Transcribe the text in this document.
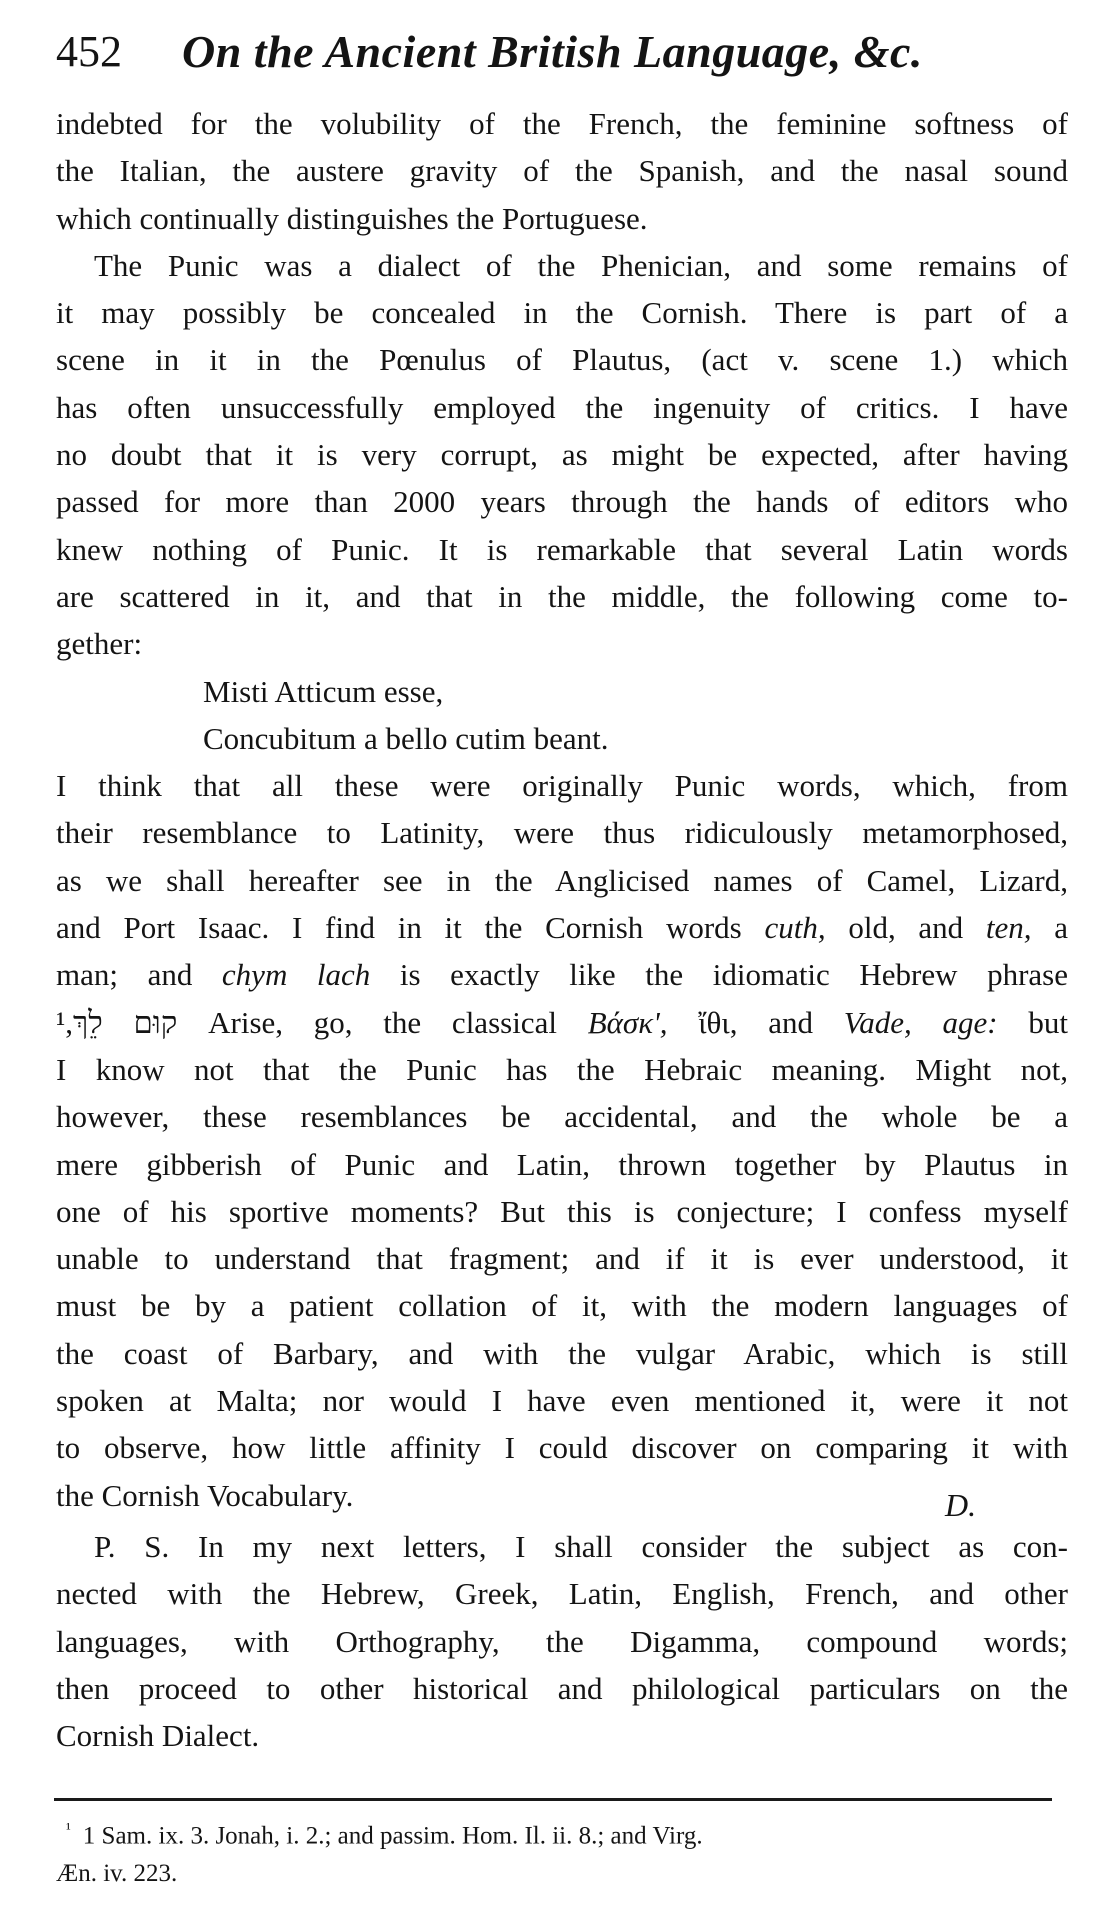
452 On the Ancient British Language, &c.
indebted for the volubility of the French, the feminine softness of
the Italian, the austere gravity of the Spanish, and the nasal sound
which continually distinguishes the Portuguese.
The Punic was a dialect of the Phenician, and some remains of
it may possibly be concealed in the Cornish. There is part of a
scene in it in the Pœnulus of Plautus, (act v. scene 1.) which
has often unsuccessfully employed the ingenuity of critics. I have
no doubt that it is very corrupt, as might be expected, after having
passed for more than 2000 years through the hands of editors who
knew nothing of Punic. It is remarkable that several Latin words
are scattered in it, and that in the middle, the following come to-
gether:
Misti Atticum esse,
Concubitum a bello cutim beant.
I think that all these were originally Punic words, which, from
their resemblance to Latinity, were thus ridiculously metamorphosed,
as we shall hereafter see in the Anglicised names of Camel, Lizard,
and Port Isaac. I find in it the Cornish words cuth, old, and ten, a
man; and chym lach is exactly like the idiomatic Hebrew phrase
קוּם לֵךְ,¹	Arise, go, the classical Βάσκ', ἴθι, and Vade, age: but
I know not that the Punic has the Hebraic meaning. Might not,
however, these resemblances be accidental, and the whole be a
mere gibberish of Punic and Latin, thrown together by Plautus in
one of his sportive moments? But this is conjecture; I confess myself
unable to understand that fragment; and if it is ever understood, it
must be by a patient collation of it, with the modern languages of
the coast of Barbary, and with the vulgar Arabic, which is still
spoken at Malta; nor would I have even mentioned it, were it not
to observe, how little affinity I could discover on comparing it with
the Cornish Vocabulary.
P. S. In my next letters, I shall consider the subject as con-
nected with the Hebrew, Greek, Latin, English, French, and other
languages, with Orthography, the Digamma, compound words;
then proceed to other historical and philological particulars on the
Cornish Dialect.
D.
$^{^1}$ 1 Sam. ix. 3. Jonah, i. 2.; and passim. Hom. Il. ii. 8.; and Virg.
Æn. iv. 223.
